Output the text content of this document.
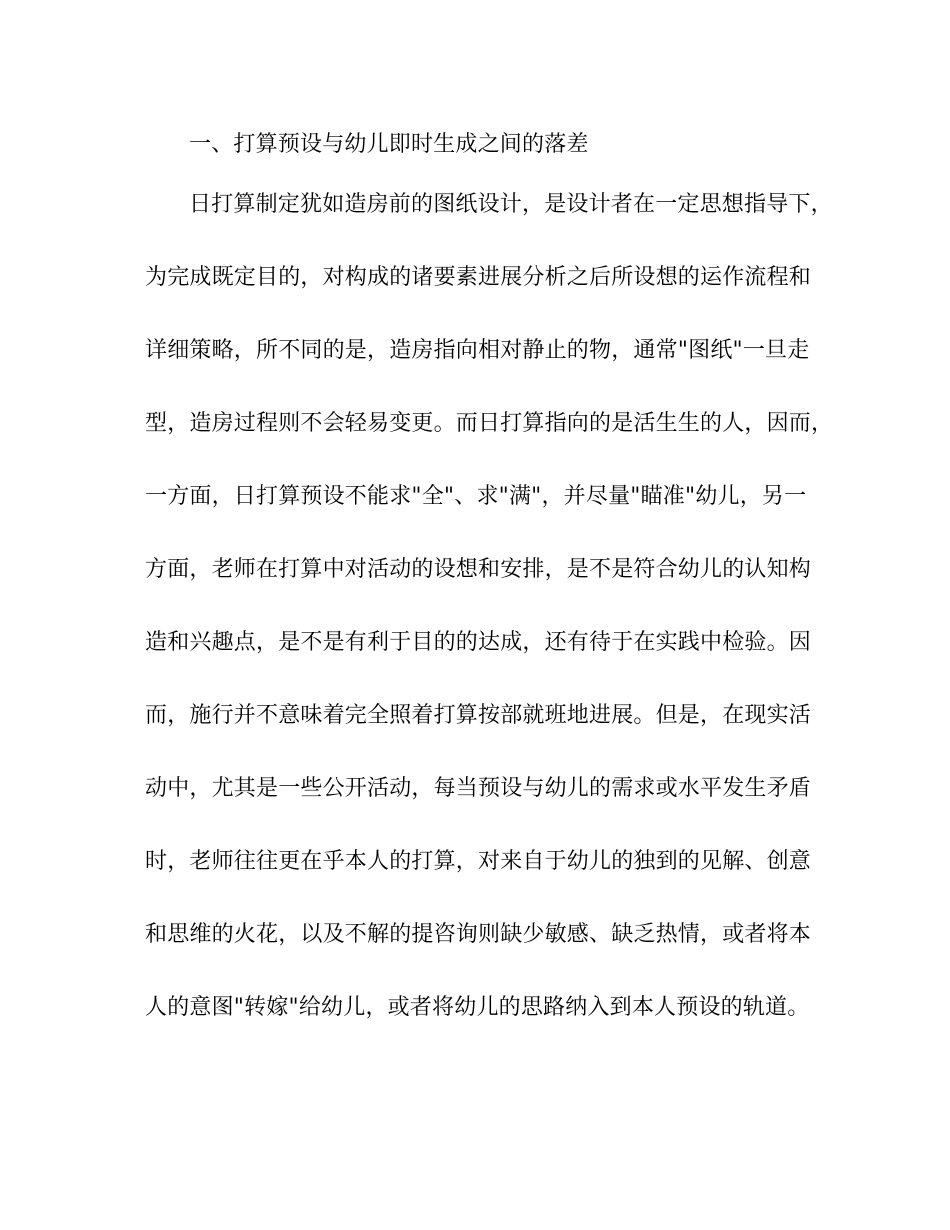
一、打算预设与幼儿即时生成之间的落差
日打算制定犹如造房前的图纸设计，是设计者在一定思想指导下，
为完成既定目的，对构成的诸要素进展分析之后所设想的运作流程和
详细策略，所不同的是，造房指向相对静止的物，通常"图纸"一旦走
型，造房过程则不会轻易变更。而日打算指向的是活生生的人，因而，
一方面，日打算预设不能求"全"、求"满"，并尽量"瞄准"幼儿，另一
方面，老师在打算中对活动的设想和安排，是不是符合幼儿的认知构
造和兴趣点，是不是有利于目的的达成，还有待于在实践中检验。因
而，施行并不意味着完全照着打算按部就班地进展。但是，在现实活
动中，尤其是一些公开活动，每当预设与幼儿的需求或水平发生矛盾
时，老师往往更在乎本人的打算，对来自于幼儿的独到的见解、创意
和思维的火花，以及不解的提咨询则缺少敏感、缺乏热情，或者将本
人的意图"转嫁"给幼儿，或者将幼儿的思路纳入到本人预设的轨道。
